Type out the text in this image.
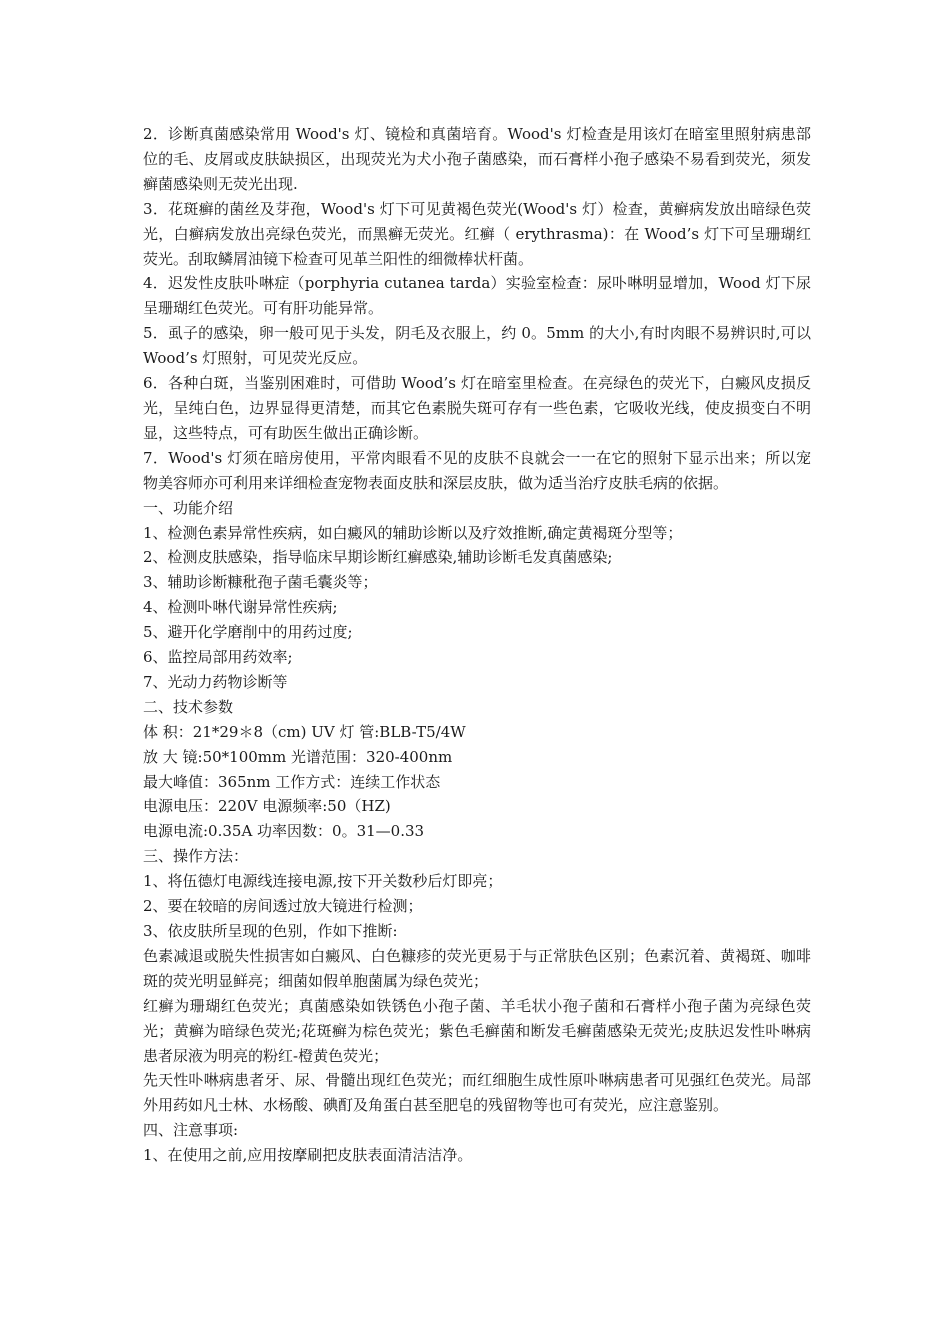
2．诊断真菌感染常用 Wood's 灯、镜检和真菌培育。Wood's 灯检查是用该灯在暗室里照射病患部位的毛、皮屑或皮肤缺损区，出现荧光为犬小孢子菌感染，而石膏样小孢子感染不易看到荧光，须发癣菌感染则无荧光出现.

3．花斑癣的菌丝及芽孢，Wood's 灯下可见黄褐色荧光(Wood's 灯）检查，黄癣病发放出暗绿色荧光，白癣病发放出亮绿色荧光，而黑癣无荧光。红癣（ erythrasma)：在 Wood’s 灯下可呈珊瑚红荧光。刮取鳞屑油镜下检查可见革兰阳性的细微棒状杆菌。

4．迟发性皮肤卟啉症（porphyria cutanea tarda）实验室检查：尿卟啉明显增加，Wood 灯下尿呈珊瑚红色荧光。可有肝功能异常。

5．虱子的感染，卵一般可见于头发，阴毛及衣服上，约 0。5mm 的大小,有时肉眼不易辨识时,可以 Wood’s 灯照射，可见荧光反应。

6．各种白斑，当鉴别困难时，可借助 Wood’s 灯在暗室里检查。在亮绿色的荧光下，白癜风皮损反光，呈纯白色，边界显得更清楚，而其它色素脱失斑可存有一些色素，它吸收光线，使皮损变白不明显，这些特点，可有助医生做出正确诊断。

7．Wood's 灯须在暗房使用，平常肉眼看不见的皮肤不良就会一一在它的照射下显示出来；所以宠物美容师亦可利用来详细检查宠物表面皮肤和深层皮肤，做为适当治疗皮肤毛病的依据。

一、功能介绍

1、检测色素异常性疾病，如白癜风的辅助诊断以及疗效推断,确定黄褐斑分型等；

2、检测皮肤感染，指导临床早期诊断红癣感染,辅助诊断毛发真菌感染;

3、辅助诊断糠秕孢子菌毛囊炎等；

4、检测卟啉代谢异常性疾病;

5、避开化学磨削中的用药过度;

6、监控局部用药效率;

7、光动力药物诊断等

二、技术参数

体 积：21*29＊8（cm) UV 灯 管:BLB-T5/4W

放 大 镜:50*100mm 光谱范围：320-400nm

最大峰值：365nm 工作方式：连续工作状态

电源电压：220V 电源频率:50（HZ)

电源电流:0.35A 功率因数：0。31—0.33

三、操作方法：

1、将伍德灯电源线连接电源,按下开关数秒后灯即亮；

2、要在较暗的房间透过放大镜进行检测；

3、依皮肤所呈现的色别，作如下推断:

色素减退或脱失性损害如白癜风、白色糠疹的荧光更易于与正常肤色区别；色素沉着、黄褐斑、咖啡斑的荧光明显鲜亮；细菌如假单胞菌属为绿色荧光；

红癣为珊瑚红色荧光；真菌感染如铁锈色小孢子菌、羊毛状小孢子菌和石膏样小孢子菌为亮绿色荧光；黄癣为暗绿色荧光;花斑癣为棕色荧光；紫色毛癣菌和断发毛癣菌感染无荧光;皮肤迟发性卟啉病患者尿液为明亮的粉红-橙黄色荧光；

先天性卟啉病患者牙、尿、骨髓出现红色荧光；而红细胞生成性原卟啉病患者可见强红色荧光。局部外用药如凡士林、水杨酸、碘酊及角蛋白甚至肥皂的残留物等也可有荧光，应注意鉴别。

四、注意事项:

1、在使用之前,应用按摩刷把皮肤表面清洁洁净。
